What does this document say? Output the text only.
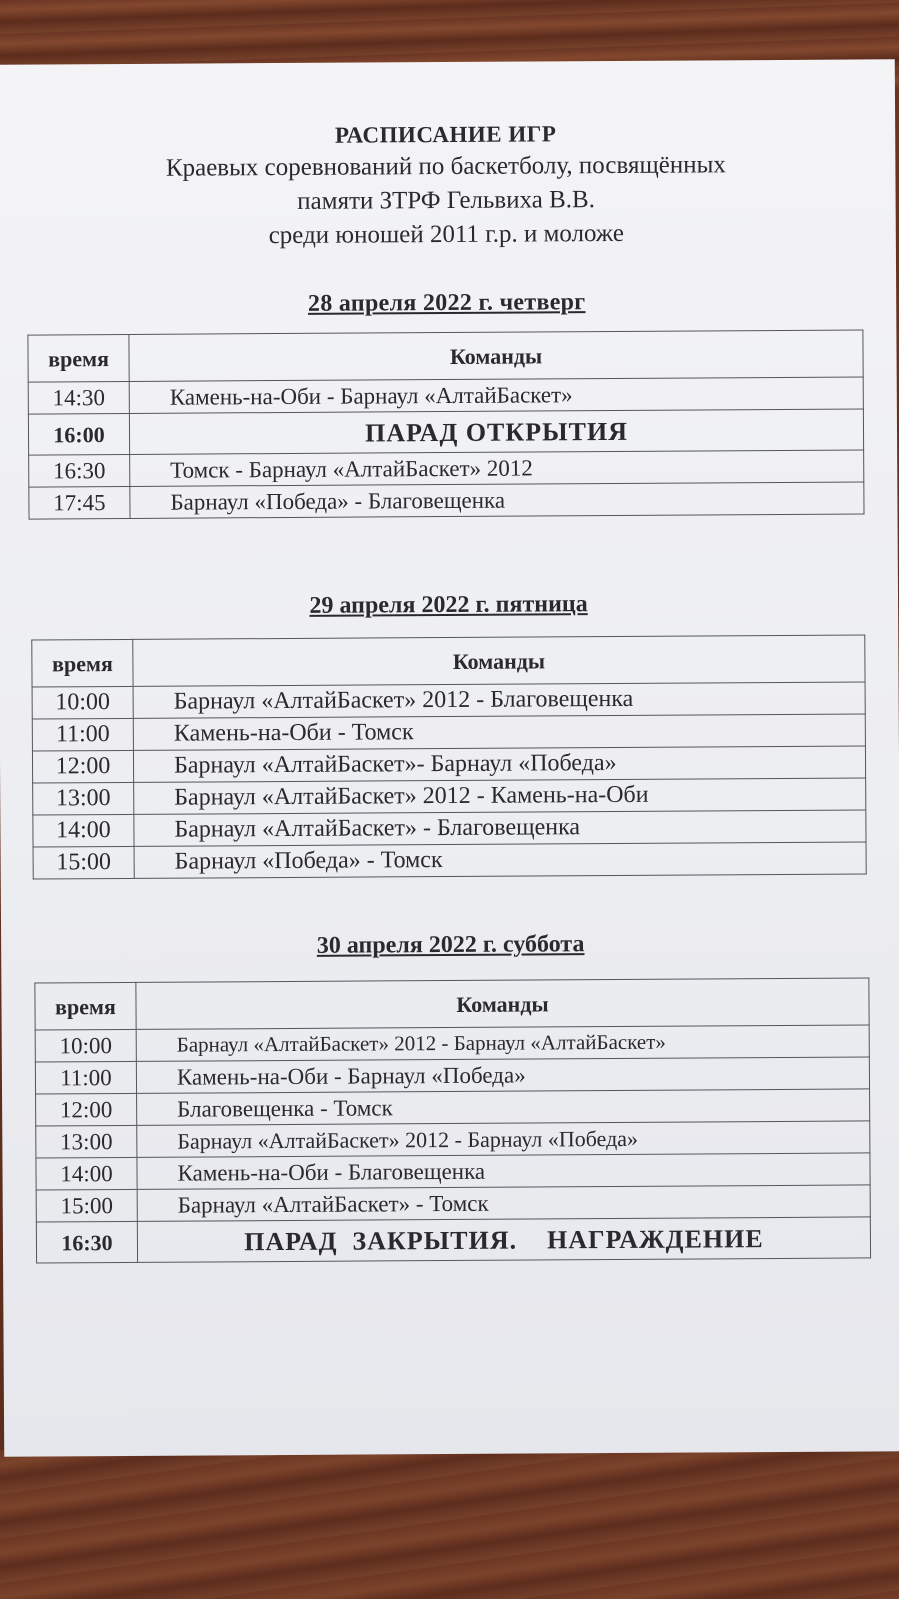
РАСПИСАНИЕ ИГР
Краевых соревнований по баскетболу, посвящённых
памяти ЗТРФ Гельвиха В.В.
среди юношей 2011 г.р. и моложе
28 апреля 2022 г. четверг
время	Команды
14:30	Камень-на-Оби - Барнаул «АлтайБаскет»
16:00	ПАРАД ОТКРЫТИЯ
16:30	Томск - Барнаул «АлтайБаскет» 2012
17:45	Барнаул «Победа» - Благовещенка
29 апреля 2022 г. пятница
время	Команды
10:00	Барнаул «АлтайБаскет» 2012 - Благовещенка
11:00	Камень-на-Оби - Томск
12:00	Барнаул «АлтайБаскет»- Барнаул «Победа»
13:00	Барнаул «АлтайБаскет» 2012 - Камень-на-Оби
14:00	Барнаул «АлтайБаскет» - Благовещенка
15:00	Барнаул «Победа» - Томск
30 апреля 2022 г. суббота
время	Команды
10:00	Барнаул «АлтайБаскет» 2012 - Барнаул «АлтайБаскет»
11:00	Камень-на-Оби - Барнаул «Победа»
12:00	Благовещенка - Томск
13:00	Барнаул «АлтайБаскет» 2012 - Барнаул «Победа»
14:00	Камень-на-Оби - Благовещенка
15:00	Барнаул «АлтайБаскет» - Томск
16:30	ПАРАД  ЗАКРЫТИЯ.    НАГРАЖДЕНИЕ
